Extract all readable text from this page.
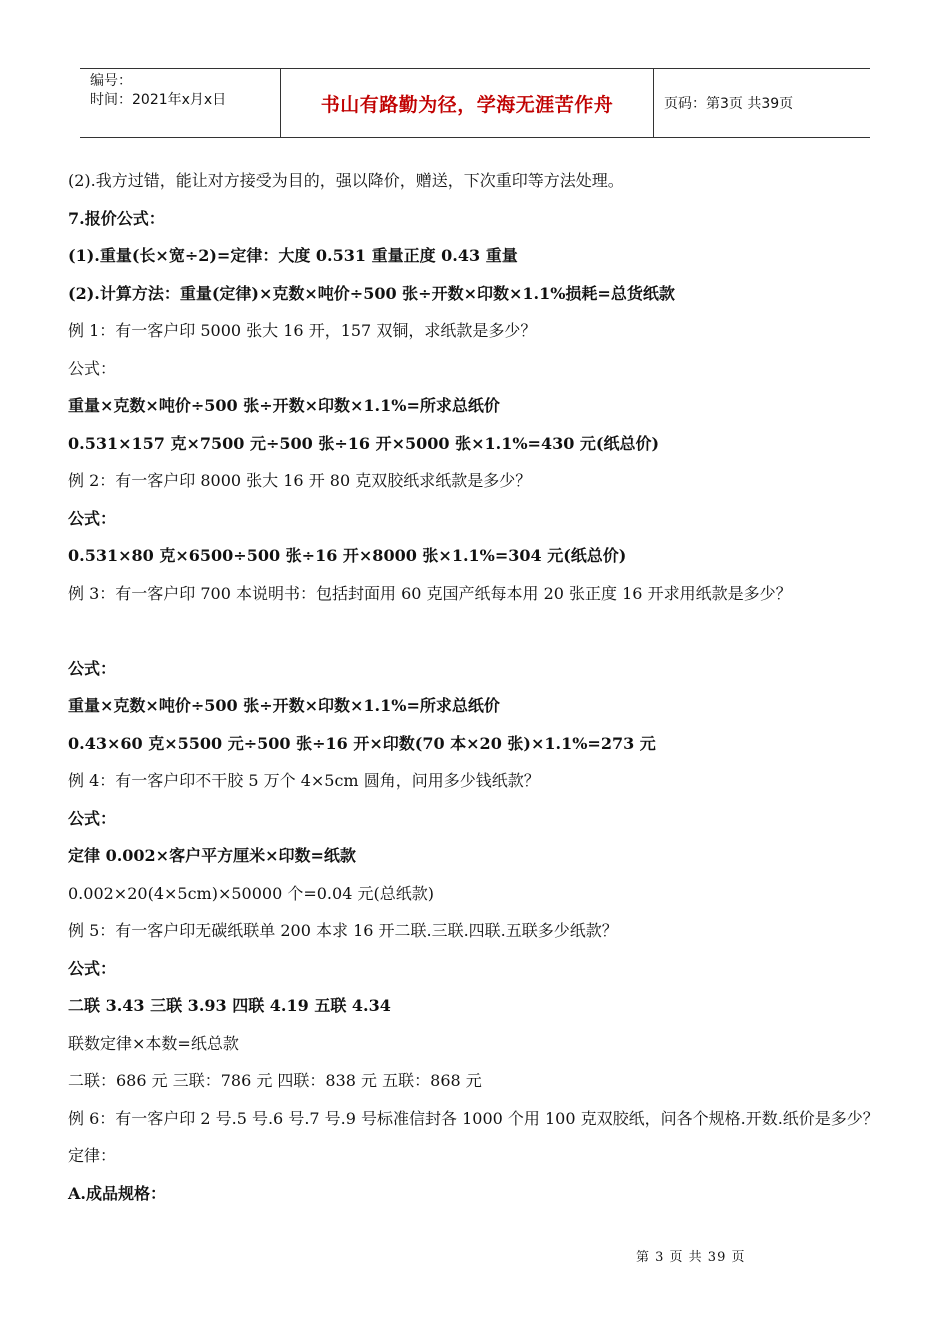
编号：
时间：2021年x月x日	书山有路勤为径，学海无涯苦作舟	页码：第3页 共39页
(2).我方过错，能让对方接受为目的，强以降价，赠送，下次重印等方法处理。
7.报价公式：
(1).重量(长×宽÷2)=定律：大度 0.531 重量正度 0.43 重量
(2).计算方法：重量(定律)×克数×吨价÷500 张÷开数×印数×1.1%损耗=总货纸款
例 1：有一客户印 5000 张大 16 开，157 双铜，求纸款是多少？
公式：
重量×克数×吨价÷500 张÷开数×印数×1.1%=所求总纸价
0.531×157 克×7500 元÷500 张÷16 开×5000 张×1.1%=430 元(纸总价)
例 2：有一客户印 8000 张大 16 开 80 克双胶纸求纸款是多少？
公式：
0.531×80 克×6500÷500 张÷16 开×8000 张×1.1%=304 元(纸总价)
例 3：有一客户印 700 本说明书：包括封面用 60 克国产纸每本用 20 张正度 16 开求用纸款是多少？
公式：
重量×克数×吨价÷500 张÷开数×印数×1.1%=所求总纸价
0.43×60 克×5500 元÷500 张÷16 开×印数(70 本×20 张)×1.1%=273 元
例 4：有一客户印不干胶 5 万个 4×5cm 圆角，问用多少钱纸款？
公式：
定律 0.002×客户平方厘米×印数=纸款
0.002×20(4×5cm)×50000 个=0.04 元(总纸款)
例 5：有一客户印无碳纸联单 200 本求 16 开二联.三联.四联.五联多少纸款？
公式：
二联 3.43 三联 3.93 四联 4.19 五联 4.34
联数定律×本数=纸总款
二联：686 元 三联：786 元 四联：838 元 五联：868 元
例 6：有一客户印 2 号.5 号.6 号.7 号.9 号标准信封各 1000 个用 100 克双胶纸，问各个规格.开数.纸价是多少？
定律：
A.成品规格：
第 3 页 共 39 页
